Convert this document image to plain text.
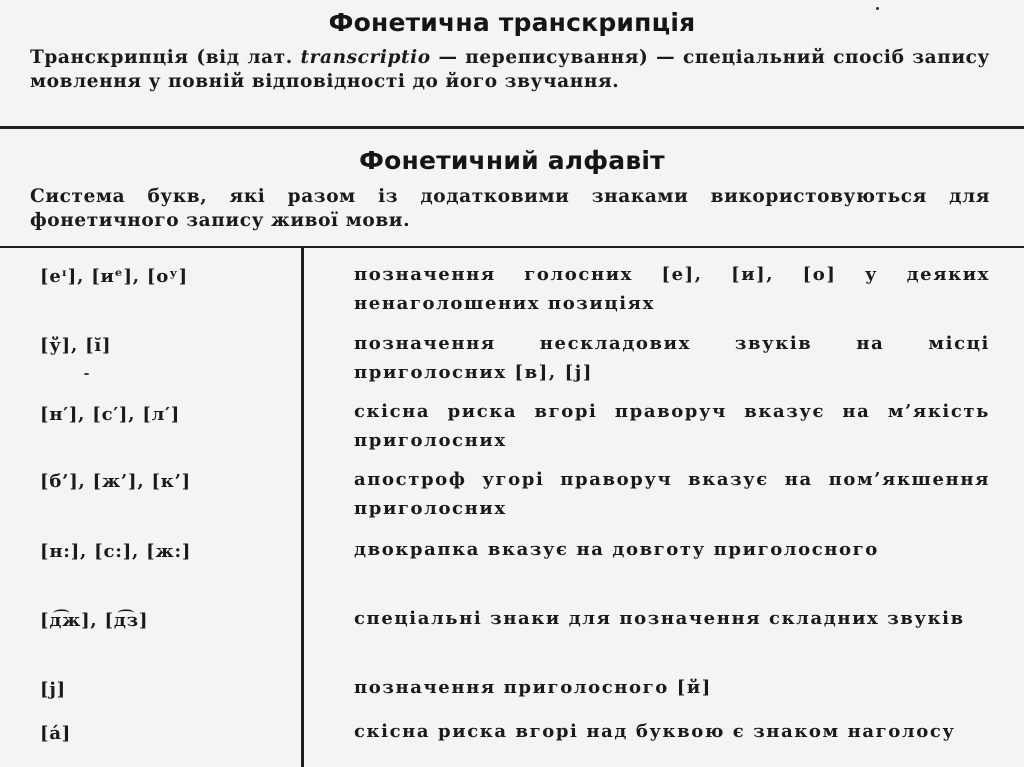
Фонетична транскрипція
Транскрипція (від лат. transcriptio — переписування) — спеціальний спосіб запису мовлення у повній відповідності до його звучання.
Фонетичний алфавіт
Система букв, які разом із додатковими знаками використовуються для фонетичного запису живої мови.
[еᶦ], [иᵉ], [оʸ]	позначення голосних [е], [и], [о] у деяких ненаголошених позиціях
[ў], [ĭ]	позначення нескладових звуків на місці приголосних [в], [j]
[н′], [с′], [л′]	скісна риска вгорі праворуч вказує на м’якість приголосних
[б’], [ж’], [к’]	апостроф угорі праворуч вказує на пом’якшення приголосних
[н:], [с:], [ж:]	двокрапка вказує на довготу приголосного
[д͡ж], [д͡з]	спеціальні знаки для позначення складних звуків
[j]	позначення приголосного [й]
[á]	скісна риска вгорі над буквою є знаком наголосу
